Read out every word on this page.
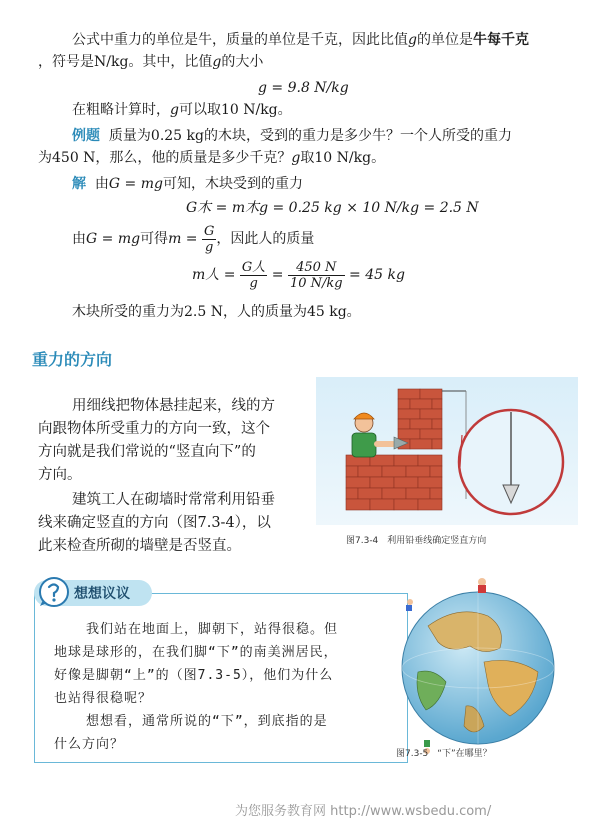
公式中重力的单位是牛，质量的单位是千克，因此比值g的单位是牛每千克
，符号是N/kg。其中，比值g的大小
g = 9.8 N/kg
在粗略计算时，g可以取10 N/kg。
例题 质量为0.25 kg的木块，受到的重力是多少牛？一个人所受的重力
为450 N，那么，他的质量是多少千克？g取10 N/kg。
解 由G = mg可知，木块受到的重力
G木 = m木g = 0.25 kg × 10 N/kg = 2.5 N
由G = mg可得$m = \frac{G}{g}$ ，因此人的质量
m人 = $\frac{\text{G人}}{g} = \frac{450 N}{10 N/kg} = 45$ kg
木块所受的重力为2.5 N，人的质量为45 kg。
重力的方向
用细线把物体悬挂起来，线的方
向跟物体所受重力的方向一致，这个
方向就是我们常说的“竖直向下”的
方向。
建筑工人在砌墙时常常利用铅垂
线来确定竖直的方向（图7.3-4），以
此来检查所砌的墙壁是否竖直。	图7.3-4　利用铅垂线确定竖直方向
想想议议
我们站在地面上，脚朝下，站得很稳。但
地球是球形的，在我们脚“下”的南美洲居民，
好像是脚朝“上”的（图7.3-5），他们为什么
也站得很稳呢？
想想看，通常所说的“下”，到底指的是
什么方向？
图7.3-5　“下”在哪里？
为您服务教育网 http://www.wsbedu.com/
